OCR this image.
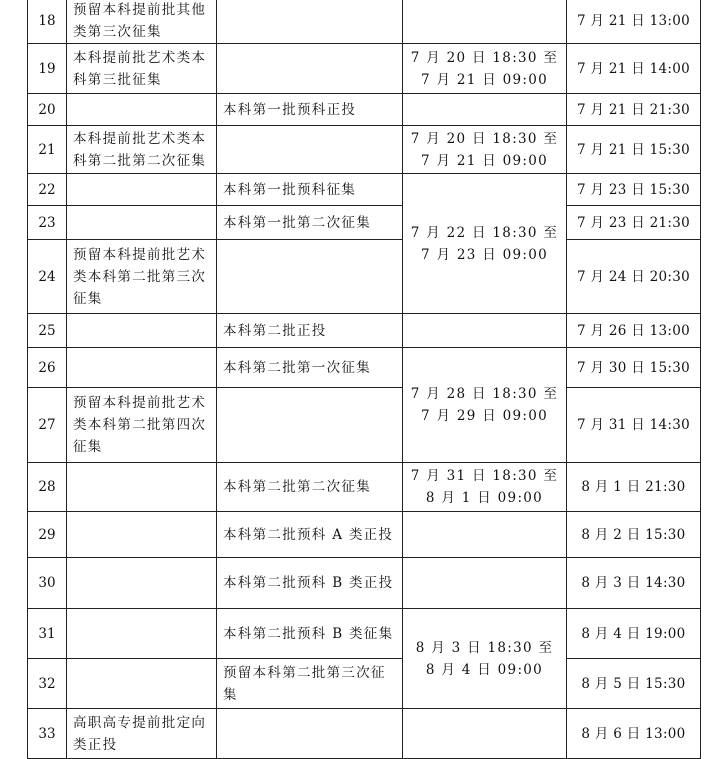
18	预留本科提前批其他类第三次征集			7 月 21 日 13:00
19	本科提前批艺术类本科第三批征集		7 月 20 日 18:30 至 7 月 21 日 09:00	7 月 21 日 14:00
20		本科第一批预科正投		7 月 21 日 21:30
21	本科提前批艺术类本科第二批第二次征集		7 月 20 日 18:30 至 7 月 21 日 09:00	7 月 21 日 15:30
22		本科第一批预科征集	7 月 22 日 18:30 至 7 月 23 日 09:00	7 月 23 日 15:30
23		本科第一批第二次征集		7 月 23 日 21:30
24	预留本科提前批艺术类本科第二批第三次征集			7 月 24 日 20:30
25		本科第二批正投		7 月 26 日 13:00
26		本科第二批第一次征集	7 月 28 日 18:30 至 7 月 29 日 09:00	7 月 30 日 15:30
27	预留本科提前批艺术类本科第二批第四次征集			7 月 31 日 14:30
28		本科第二批第二次征集	7 月 31 日 18:30 至 8 月 1 日 09:00	8 月 1 日 21:30
29		本科第二批预科 A 类正投		8 月 2 日 15:30
30		本科第二批预科 B 类正投		8 月 3 日 14:30
31		本科第二批预科 B 类征集	8 月 3 日 18:30 至 8 月 4 日 09:00	8 月 4 日 19:00
32		预留本科第二批第三次征集		8 月 5 日 15:30
33	高职高专提前批定向类正投			8 月 6 日 13:00
